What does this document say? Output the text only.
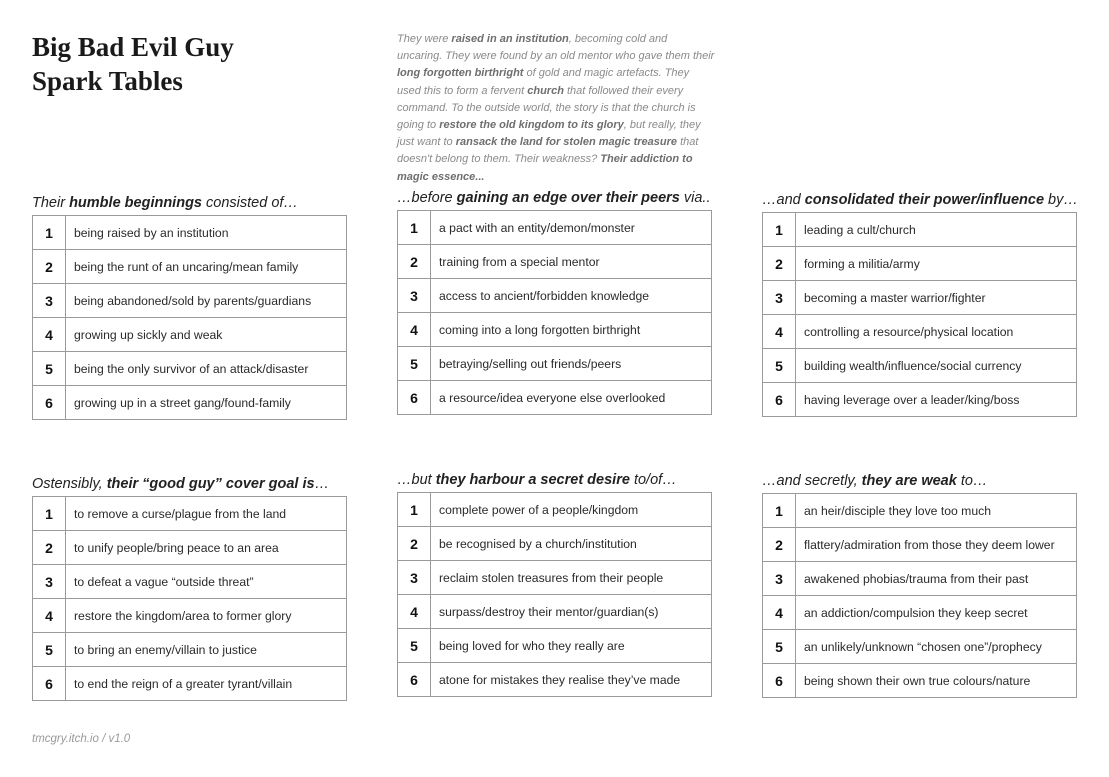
Big Bad Evil Guy
Spark Tables
They were raised in an institution, becoming cold and uncaring. They were found by an old mentor who gave them their long forgotten birthright of gold and magic artefacts. They used this to form a fervent church that followed their every command. To the outside world, the story is that the church is going to restore the old kingdom to its glory, but really, they just want to ransack the land for stolen magic treasure that doesn't belong to them. Their weakness? Their addiction to magic essence...
Their humble beginnings consisted of…
1	being raised by an institution
2	being the runt of an uncaring/mean family
3	being abandoned/sold by parents/guardians
4	growing up sickly and weak
5	being the only survivor of an attack/disaster
6	growing up in a street gang/found-family
…before gaining an edge over their peers via..
1	a pact with an entity/demon/monster
2	training from a special mentor
3	access to ancient/forbidden knowledge
4	coming into a long forgotten birthright
5	betraying/selling out friends/peers
6	a resource/idea everyone else overlooked
…and consolidated their power/influence by…
1	leading a cult/church
2	forming a militia/army
3	becoming a master warrior/fighter
4	controlling a resource/physical location
5	building wealth/influence/social currency
6	having leverage over a leader/king/boss
Ostensibly, their “good guy” cover goal is…
1	to remove a curse/plague from the land
2	to unify people/bring peace to an area
3	to defeat a vague “outside threat”
4	restore the kingdom/area to former glory
5	to bring an enemy/villain to justice
6	to end the reign of a greater tyrant/villain
…but they harbour a secret desire to/of…
1	complete power of a people/kingdom
2	be recognised by a church/institution
3	reclaim stolen treasures from their people
4	surpass/destroy their mentor/guardian(s)
5	being loved for who they really are
6	atone for mistakes they realise they’ve made
…and secretly, they are weak to…
1	an heir/disciple they love too much
2	flattery/admiration from those they deem lower
3	awakened phobias/trauma from their past
4	an addiction/compulsion they keep secret
5	an unlikely/unknown “chosen one”/prophecy
6	being shown their own true colours/nature
tmcgry.itch.io / v1.0
